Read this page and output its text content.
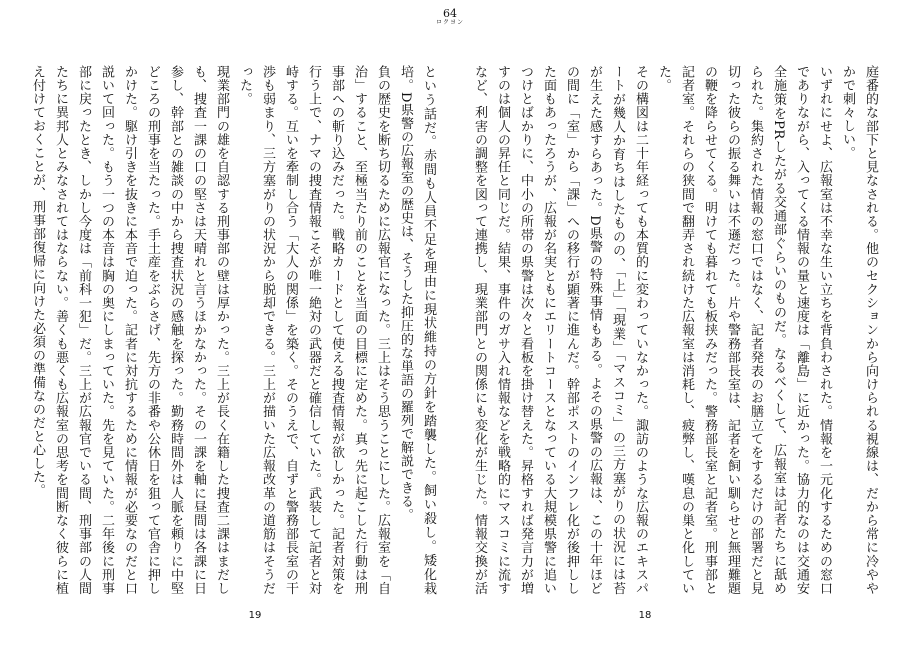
64
ロクヨン

という話だ。赤間も人員不足を理由に現状維持の方針を踏襲した。飼い殺し。矮化栽培。D県警の広報室の歴史は、そうした抑圧的な単語の羅列で解説できる。

負の歴史を断ち切るために広報官になった。三上はそう思うことにした。広報室を「自治」すること、至極当たり前のことを当面の目標に定めた。真っ先に起こした行動は刑事部への斬り込みだった。戦略カードとして使える捜査情報が欲しかった。記者対策を行う上で、ナマの捜査情報こそが唯一絶対の武器だと確信していた。武装して記者と対峙する。互いを牽制し合う「大人の関係」を築く。そのうえで、自ずと警務部長室の干渉も弱まり、三方塞がりの状況から脱却できる。三上が描いた広報改革の道筋はそうだった。

現業部門の雄を自認する刑事部の壁は厚かった。三上が長く在籍した捜査二課はまだしも、捜査一課の口の堅さは天晴れと言うほかなかった。その一課を軸に昼間は各課に日参し、幹部との雑談の中から捜査状況の感触を探った。勤務時間外は人脈を頼りに中堅どころの刑事を当たった。手土産をぶらさげ、先方の非番や公休日を狙って官舎に押しかけた。駆け引きを抜きに本音で迫った。記者に対抗するために情報が必要なのだと口説いて回った。もう一つの本音は胸の奥にしまっていた。先を見ていた。二年後に刑事部に戻ったとき、しかし今度は「前科一犯」だ。三上が広報官でいる間、刑事部の人間たちに異邦人とみなされてはならない。善くも悪くも広報室の思考を間断なく彼らに植え付けておくことが、刑事部復帰に向けた必須の準備なのだと心した。	庭番的な部下と見なされる。他のセクションから向けられる視線は、だから常に冷ややかで刺々しい。

いずれにせよ、広報室は不幸な生い立ちを背負わされた。情報を一元化するための窓口でありながら、入ってくる情報の量と速度は「離島」に近かった。協力的なのは交通安全施策をPRしたがる交通部ぐらいのものだ。なるべくして、広報室は記者たちに舐められた。集約された情報の窓口ではなく、記者発表のお膳立てをするだけの部署だと見切った彼らの振る舞いは不遜だった。片や警務部長室は、記者を飼い馴らせと無理難題の鞭を降らせてくる。明けても暮れても板挟みだった。警務部長室と記者室。刑事部と記者室。それらの狭間で翻弄され続けた広報室は消耗し、疲弊し、嘆息の巣と化していた。

その構図は二十年経っても本質的に変わっていなかった。諏訪のような広報のエキスパートが幾人か育ちはしたものの、「上」「現業」「マスコミ」の三方塞がりの状況には苔が生えた感すらあった。D県警の特殊事情もある。よその県警の広報は、この十年ほどの間に「室」から「課」への移行が顕著に進んだ。幹部ポストのインフレ化が後押しした面もあったろうが、広報が名実ともにエリートコースとなっている大規模県警に追いつけとばかりに、中小の所帯の県警は次々と看板を掛け替えた。昇格すれば発言力が増すのは個人の昇任と同じだ。結果、事件のガサ入れ情報などを戦略的にマスコミに流すなど、利害の調整を図って連携し、現業部門との関係にも変化が生じた。情報交換が活

19	18
